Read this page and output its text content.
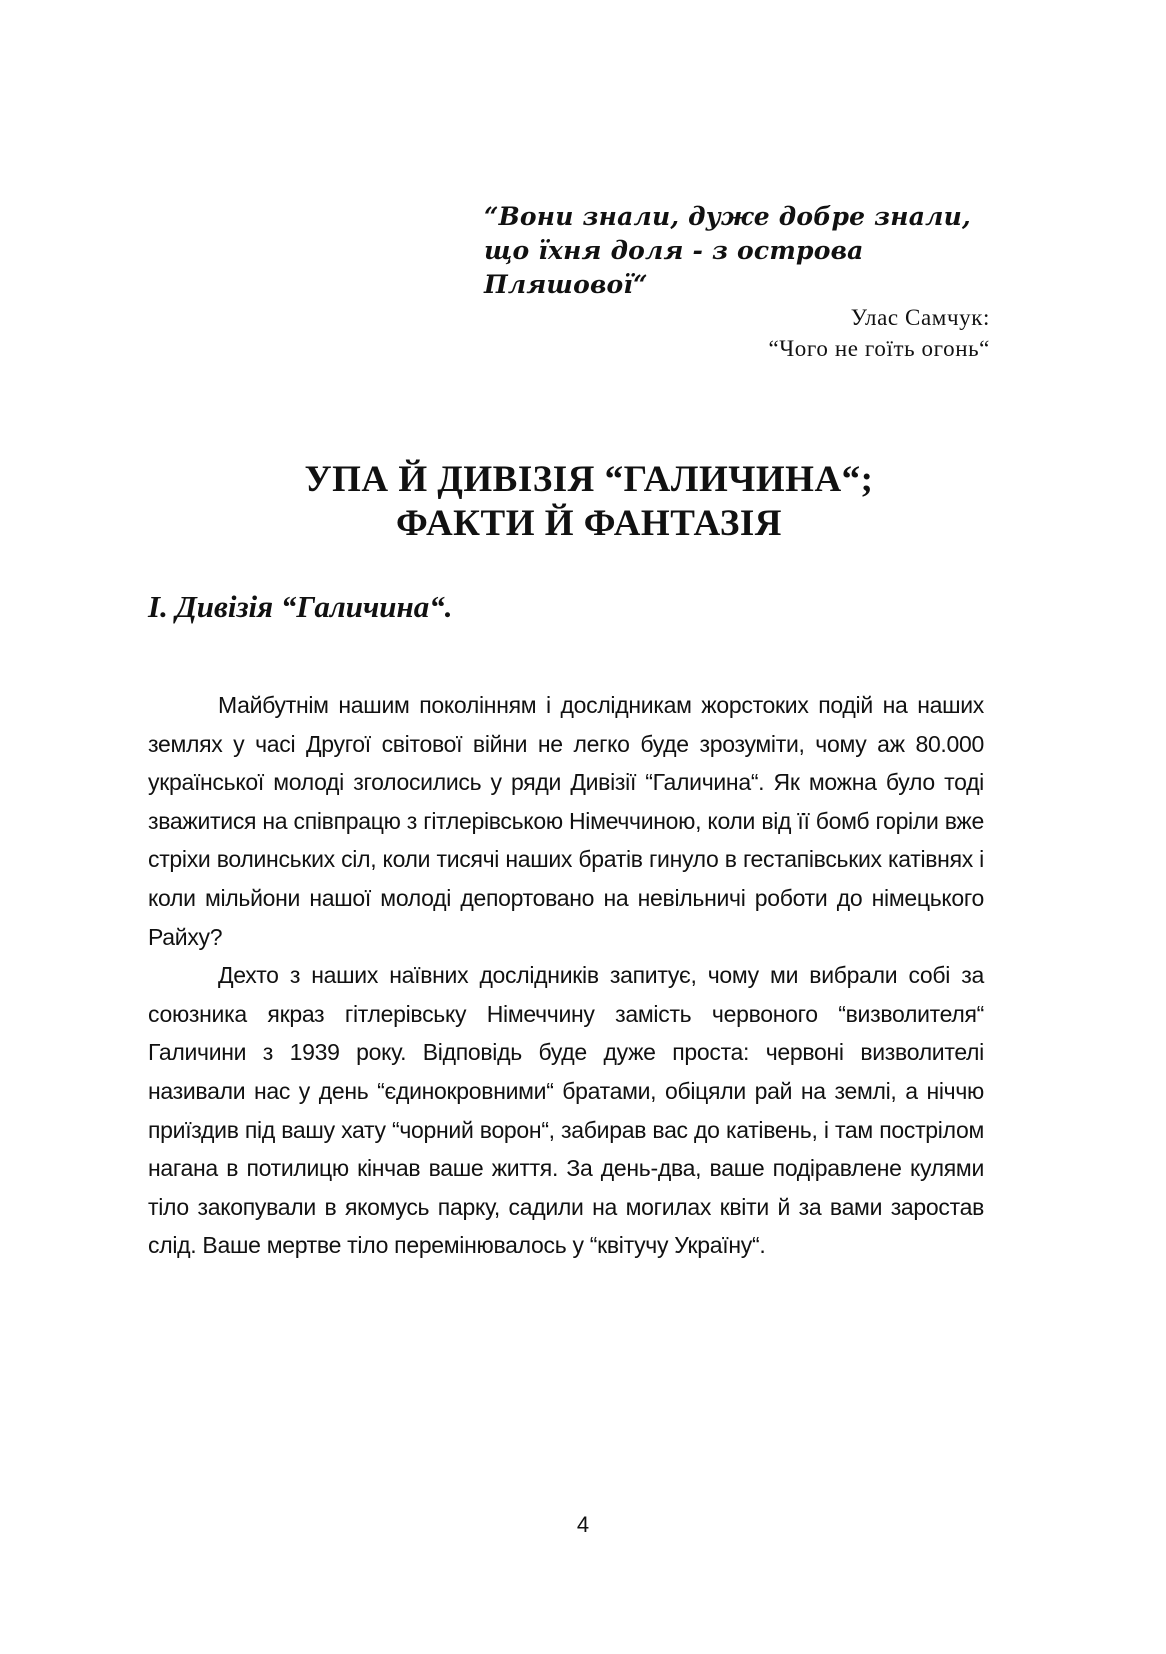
“Вони знали, дуже добре знали,
що їхня доля - з острова Пляшової“
Улас Самчук:
“Чого не гоїть огонь“
УПА Й ДИВІЗІЯ “ГАЛИЧИНА“;
ФАКТИ Й ФАНТАЗІЯ
I. Дивізія “Галичина“.

Майбутнім нашим поколінням і дослідникам жорстоких подій на наших землях у часі Другої світової війни не легко буде зрозуміти, чому аж 80.000 української молоді зголосились у ряди Дивізії “Галичина“. Як можна було тоді зважитися на співпрацю з гітлерівською Німеччиною, коли від її бомб горіли вже стріхи волинських сіл, коли тисячі наших братів гинуло в гестапівських катівнях і коли мільйони нашої молоді депортовано на невільничі роботи до німецького Райху?

Дехто з наших наївних дослідників запитує, чому ми вибрали собі за союзника якраз гітлерівську Німеччину замість червоного “визволителя“ Галичини з 1939 року. Відповідь буде дуже проста: червоні визволителі називали нас у день “єдинокровними“ братами, обіцяли рай на землі, а ніччю приїздив під вашу хату “чорний ворон“, забирав вас до катівень, і там пострілом нагана в потилицю кінчав ваше життя. За день-два, ваше подіравлене кулями тіло закопували в якомусь парку, садили на могилах квіти й за вами заростав слід. Ваше мертве тіло перемінювалось у “квітучу Україну“.

4
